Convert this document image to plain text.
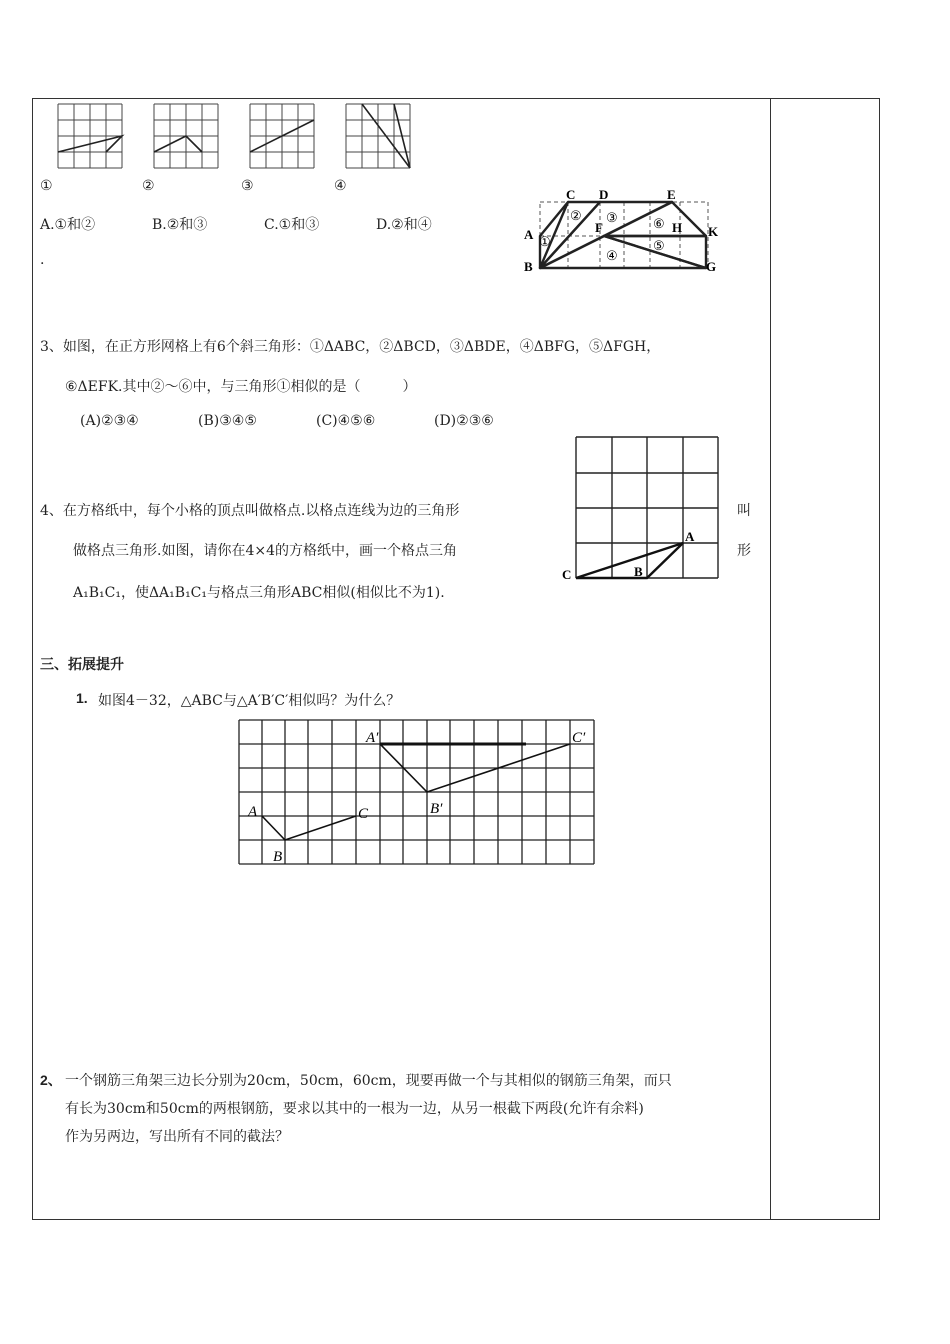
①	②	③	④
A.①和②	B.②和③	C.①和③	D.②和④
.
A
B
C D	E
F	H K
G
①
② ③
④
⑤
⑥
3、如图，在正方形网格上有6个斜三角形：①ΔABC，②ΔBCD，③ΔBDE，④ΔBFG，⑤ΔFGH，
⑥ΔEFK.其中②～⑥中，与三角形①相似的是（　　　）
(A)②③④	(B)③④⑤	(C)④⑤⑥	(D)②③⑥
4、在方格纸中，每个小格的顶点叫做格点.以格点连线为边的三角形	叫
做格点三角形.如图，请你在4×4的方格纸中，画一个格点三角	形
A₁B₁C₁，使ΔA₁B₁C₁与格点三角形ABC相似(相似比不为1).
A
B
C
三、拓展提升
1. 如图4－32，△ABC与△A′B′C′相似吗？为什么？
A
B
C
A′
B′
C′
2、 一个钢筋三角架三边长分别为20cm，50cm，60cm，现要再做一个与其相似的钢筋三角架，而只
有长为30cm和50cm的两根钢筋，要求以其中的一根为一边，从另一根截下两段(允许有余料)
作为另两边，写出所有不同的截法？
